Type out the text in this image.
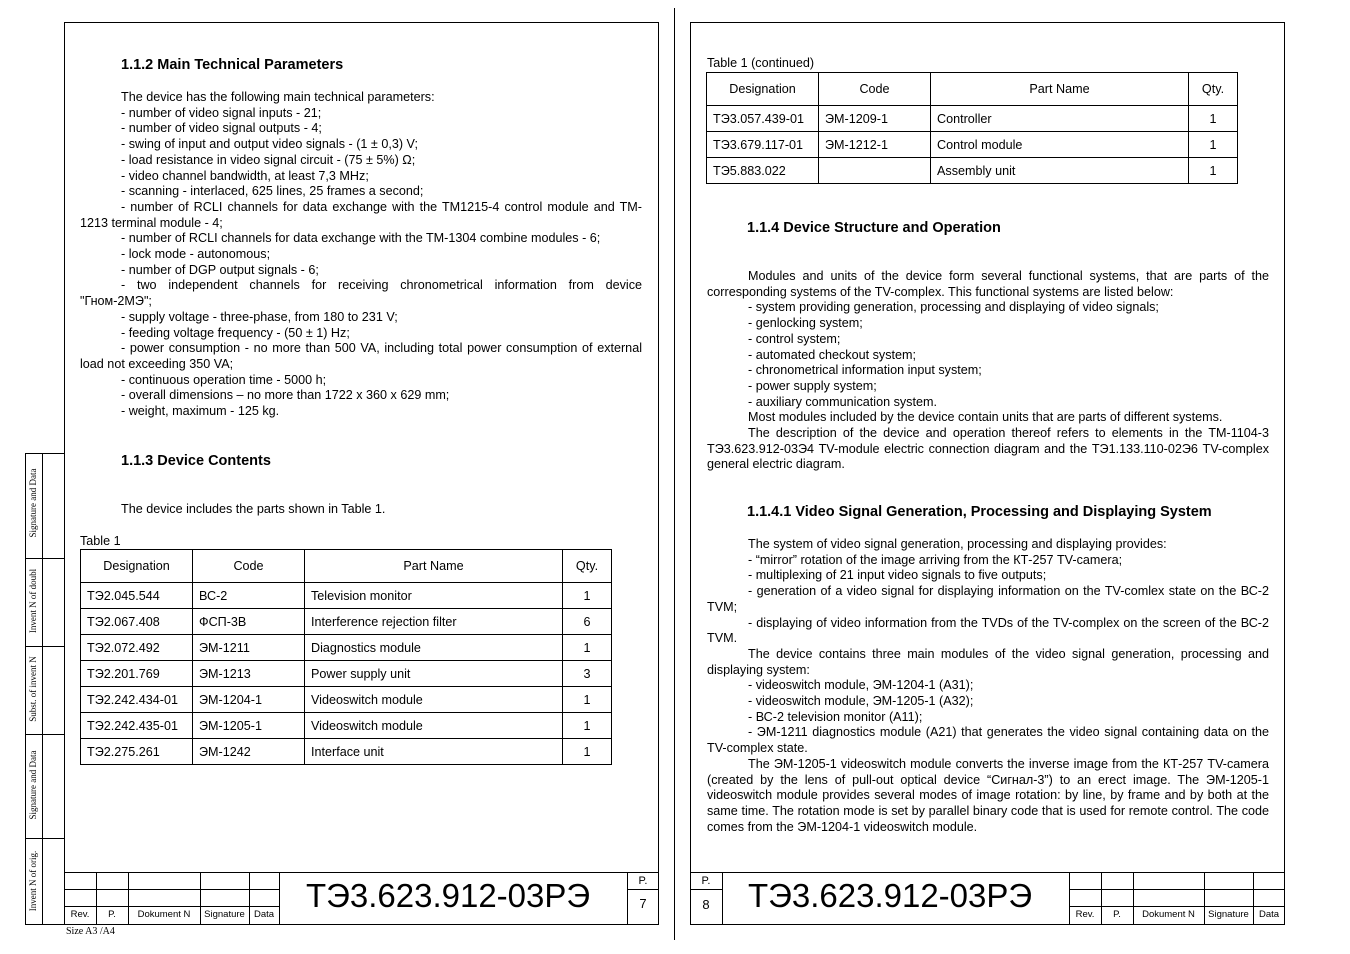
Signature and Data
Invent N of doubl
Subst. of invent N
Signature and Data
Invent N of orig.
1.1.2 Main Technical Parameters

The device has the following main technical parameters:

- number of video signal inputs - 21;

- number of video signal outputs - 4;

- swing of input and output video signals - (1 ± 0,3) V;

- load resistance in video signal circuit - (75 ± 5%) Ω;

- video channel bandwidth, at least 7,3 MHz;

- scanning - interlaced, 625 lines, 25 frames a second;

- number of RCLI channels for data exchange with the TM1215-4 control module and TM-1213 terminal module - 4;

- number of RCLI channels for data exchange with the TM-1304 combine modules - 6;

- lock mode - autonomous;

- number of DGP output signals - 6;

- two independent channels for receiving chronometrical information from device "Гном-2МЭ";

- supply voltage - three-phase, from 180 to 231 V;

- feeding voltage frequency - (50 ± 1) Hz;

- power consumption - no more than 500 VA, including total power consumption of external load not exceeding 350 VA;

- continuous operation time - 5000 h;

- overall dimensions – no more than 1722 x 360 x 629 mm;

- weight, maximum - 125 kg.

1.1.3 Device Contents
The device includes the parts shown in Table 1.
Table 1
Designation	Code	Part Name	Qty.
ТЭ2.045.544	ВС-2	Television monitor	1
ТЭ2.067.408	ФСП-3В	Interference rejection filter	6
ТЭ2.072.492	ЭМ-1211	Diagnostics module	1
ТЭ2.201.769	ЭМ-1213	Power supply unit	3
ТЭ2.242.434-01	ЭМ-1204-1	Videoswitch module	1
ТЭ2.242.435-01	ЭМ-1205-1	Videoswitch module	1
ТЭ2.275.261	ЭМ-1242	Interface unit	1
Rev.	P.	Dokument N	Signature Data
ТЭ3.623.912-03РЭ	P.
7
Size A3 /A4
Table 1 (continued)
Designation	Code	Part Name	Qty.
ТЭ3.057.439-01	ЭМ-1209-1	Controller	1
ТЭ3.679.117-01	ЭМ-1212-1	Control module	1
ТЭ5.883.022		Assembly unit	1
1.1.4 Device Structure and Operation

Modules and units of the device form several functional systems, that are parts of the corresponding systems of the TV-complex. This functional systems are listed below:

- system providing generation, processing and displaying of video signals;

- genlocking system;

- control system;

- automated checkout system;

- chronometrical information input system;

- power supply system;

- auxiliary communication system.

Most modules included by the device contain units that are parts of different systems.

The description of the device and operation thereof refers to elements in the TM-1104-3 ТЭ3.623.912-03Э4 TV-module electric connection diagram and the ТЭ1.133.110-02Э6 TV-complex general electric diagram.

1.1.4.1 Video Signal Generation, Processing and Displaying System

The system of video signal generation, processing and displaying provides:

- “mirror” rotation of the image arriving from the КТ-257 TV-camera;

- multiplexing of 21 input video signals to five outputs;

- generation of a video signal for displaying information on the TV-comlex state on the ВС-2 TVM;

- displaying of video information from the TVDs of the TV-complex on the screen of the ВС-2 TVM.

The device contains three main modules of the video signal generation, processing and displaying system:

- videoswitch module, ЭМ-1204-1 (А31);

- videoswitch module, ЭМ-1205-1 (А32);

- ВС-2 television monitor (А11);

- ЭМ-1211 diagnostics module (А21) that generates the video signal containing data on the TV-complex state.

The ЭМ-1205-1 videoswitch module converts the inverse image from the КТ-257 TV-camera (created by the lens of pull-out optical device “Сигнал-3”) to an erect image. The ЭМ-1205-1 videoswitch module provides several modes of image rotation: by line, by frame and by both at the same time. The rotation mode is set by parallel binary code that is used for remote control. The code comes from the ЭМ-1204-1 videoswitch module.

P.
8	ТЭ3.623.912-03РЭ
Rev.	P.	Dokument N	Signature	Data
